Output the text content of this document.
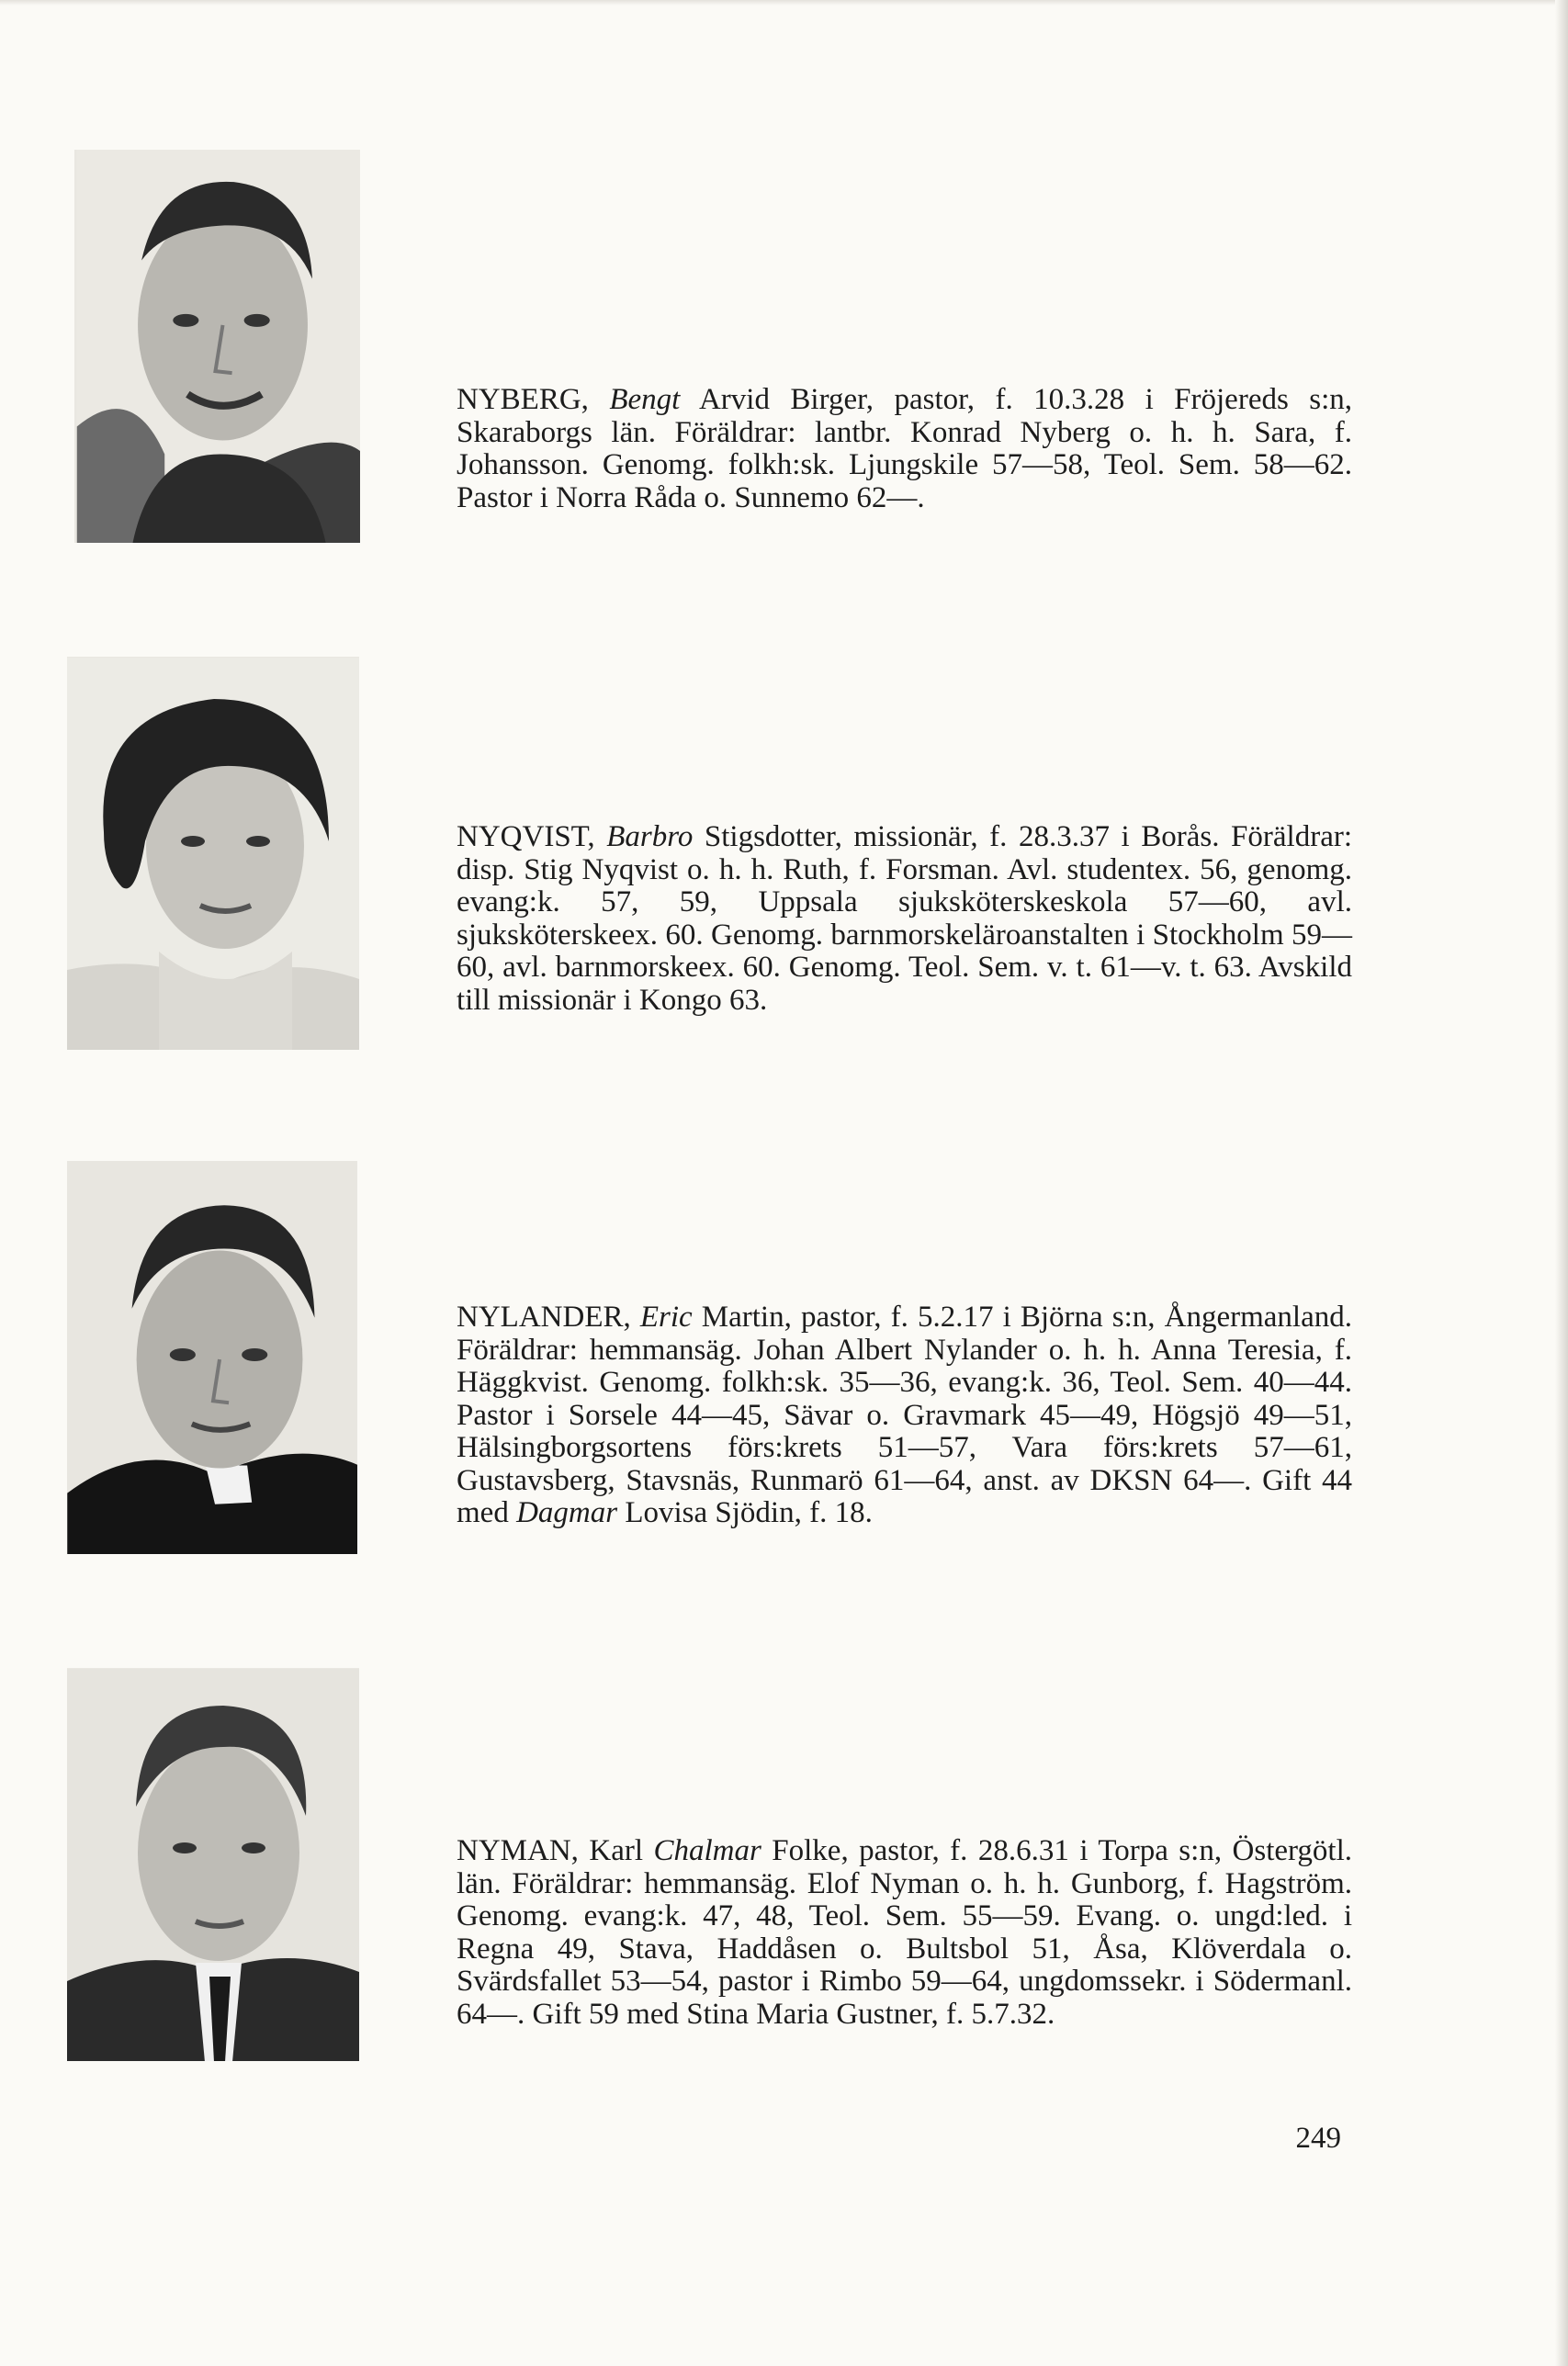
NYBERG, Bengt Arvid Birger, pastor, f. 10.3.28 i Fröjereds s:n, Skaraborgs län. Föräldrar: lantbr. Konrad Nyberg o. h. h. Sara, f. Johansson. Genomg. folkh:sk. Ljungskile 57—58, Teol. Sem. 58—62. Pastor i Norra Råda o. Sunnemo 62—.

NYQVIST, Barbro Stigsdotter, missionär, f. 28.3.37 i Borås. Föräldrar: disp. Stig Nyqvist o. h. h. Ruth, f. Forsman. Avl. studentex. 56, genomg. evang:k. 57, 59, Uppsala sjuksköterskeskola 57—60, avl. sjuksköterskeex. 60. Genomg. barnmorskeläroanstalten i Stockholm 59—60, avl. barnmorskeex. 60. Genomg. Teol. Sem. v. t. 61—v. t. 63. Avskild till missionär i Kongo 63.

NYLANDER, Eric Martin, pastor, f. 5.2.17 i Björna s:n, Ångermanland. Föräldrar: hemmansäg. Johan Albert Nylander o. h. h. Anna Teresia, f. Häggkvist. Genomg. folkh:sk. 35—36, evang:k. 36, Teol. Sem. 40—44. Pastor i Sorsele 44—45, Sävar o. Gravmark 45—49, Högsjö 49—51, Hälsingborgsortens förs:krets 51—57, Vara förs:krets 57—61, Gustavsberg, Stavsnäs, Runmarö 61—64, anst. av DKSN 64—. Gift 44 med Dagmar Lovisa Sjödin, f. 18.

NYMAN, Karl Chalmar Folke, pastor, f. 28.6.31 i Torpa s:n, Östergötl. län. Föräldrar: hemmansäg. Elof Nyman o. h. h. Gunborg, f. Hagström. Genomg. evang:k. 47, 48, Teol. Sem. 55—59. Evang. o. ungd:led. i Regna 49, Stava, Haddåsen o. Bultsbol 51, Åsa, Klöverdala o. Svärdsfallet 53—54, pastor i Rimbo 59—64, ungdomssekr. i Södermanl. 64—. Gift 59 med Stina Maria Gustner, f. 5.7.32.

249
